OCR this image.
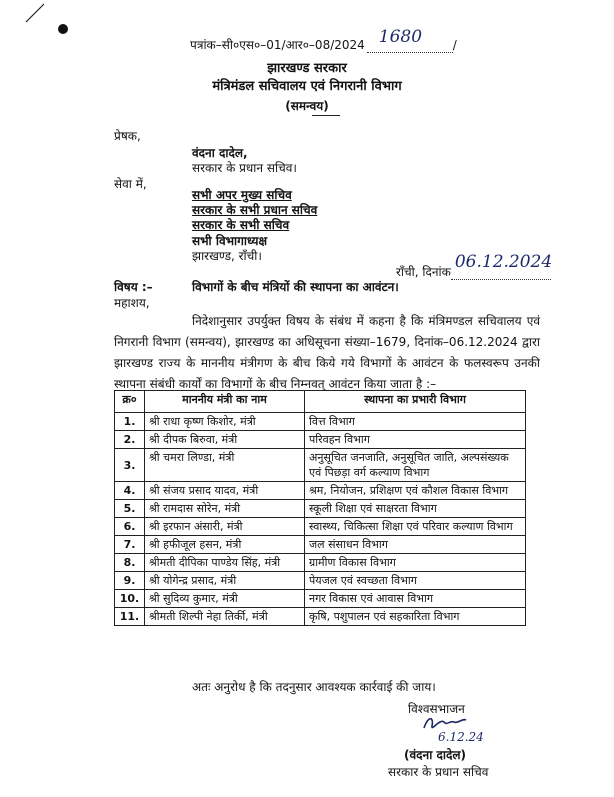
पत्रांक–सी०एस०–01/आर०–08/2024 1680	/
झारखण्ड सरकार
मंत्रिमंडल सचिवालय एवं निगरानी विभाग
(समन्वय)
प्रेषक,
वंदना दादेल,
सरकार के प्रधान सचिव।
सेवा में,
सभी अपर मुख्य सचिव
सरकार के सभी प्रधान सचिव
सरकार के सभी सचिव
सभी विभागाध्यक्ष
झारखण्ड, राँची।
राँची, दिनांक 06.12.2024

विषय :–	विभागों के बीच मंत्रियों की स्थापना का आवंटन।
महाशय,
निदेशानुसार उपर्युक्त विषय के संबंध में कहना है कि मंत्रिमण्डल सचिवालय एवं निगरानी विभाग (समन्वय), झारखण्ड का अधिसूचना संख्या–1679, दिनांक–06.12.2024 द्वारा झारखण्ड राज्य के माननीय मंत्रीगण के बीच किये गये विभागों के आवंटन के फलस्वरूप उनकी स्थापना संबंधी कार्यों का विभागों के बीच निम्नवत् आवंटन किया जाता है :–
क्र०	माननीय मंत्री का नाम	स्थापना का प्रभारी विभाग
1.	श्री राधा कृष्ण किशोर, मंत्री	वित्त विभाग
2.	श्री दीपक बिरुवा, मंत्री	परिवहन विभाग
3.	श्री चमरा लिण्डा, मंत्री	अनुसूचित जनजाति, अनुसूचित जाति, अल्पसंख्यक एवं पिछड़ा वर्ग कल्याण विभाग
4.	श्री संजय प्रसाद यादव, मंत्री	श्रम, नियोजन, प्रशिक्षण एवं कौशल विकास विभाग
5.	श्री रामदास सोरेन, मंत्री	स्कूली शिक्षा एवं साक्षरता विभाग
6.	श्री इरफान अंसारी, मंत्री	स्वास्थ्य, चिकित्सा शिक्षा एवं परिवार कल्याण विभाग
7.	श्री हफीजूल हसन, मंत्री	जल संसाधन विभाग
8.	श्रीमती दीपिका पाण्डेय सिंह, मंत्री	ग्रामीण विकास विभाग
9.	श्री योगेन्द्र प्रसाद, मंत्री	पेयजल एवं स्वच्छता विभाग
10.	श्री सुदिव्य कुमार, मंत्री	नगर विकास एवं आवास विभाग
11.	श्रीमती शिल्पी नेहा तिर्की, मंत्री	कृषि, पशुपालन एवं सहकारिता विभाग
अतः अनुरोध है कि तदनुसार आवश्यक कार्रवाई की जाय।
विश्वसभाजन
6.12.24
(वंदना दादेल)
सरकार के प्रधान सचिव
